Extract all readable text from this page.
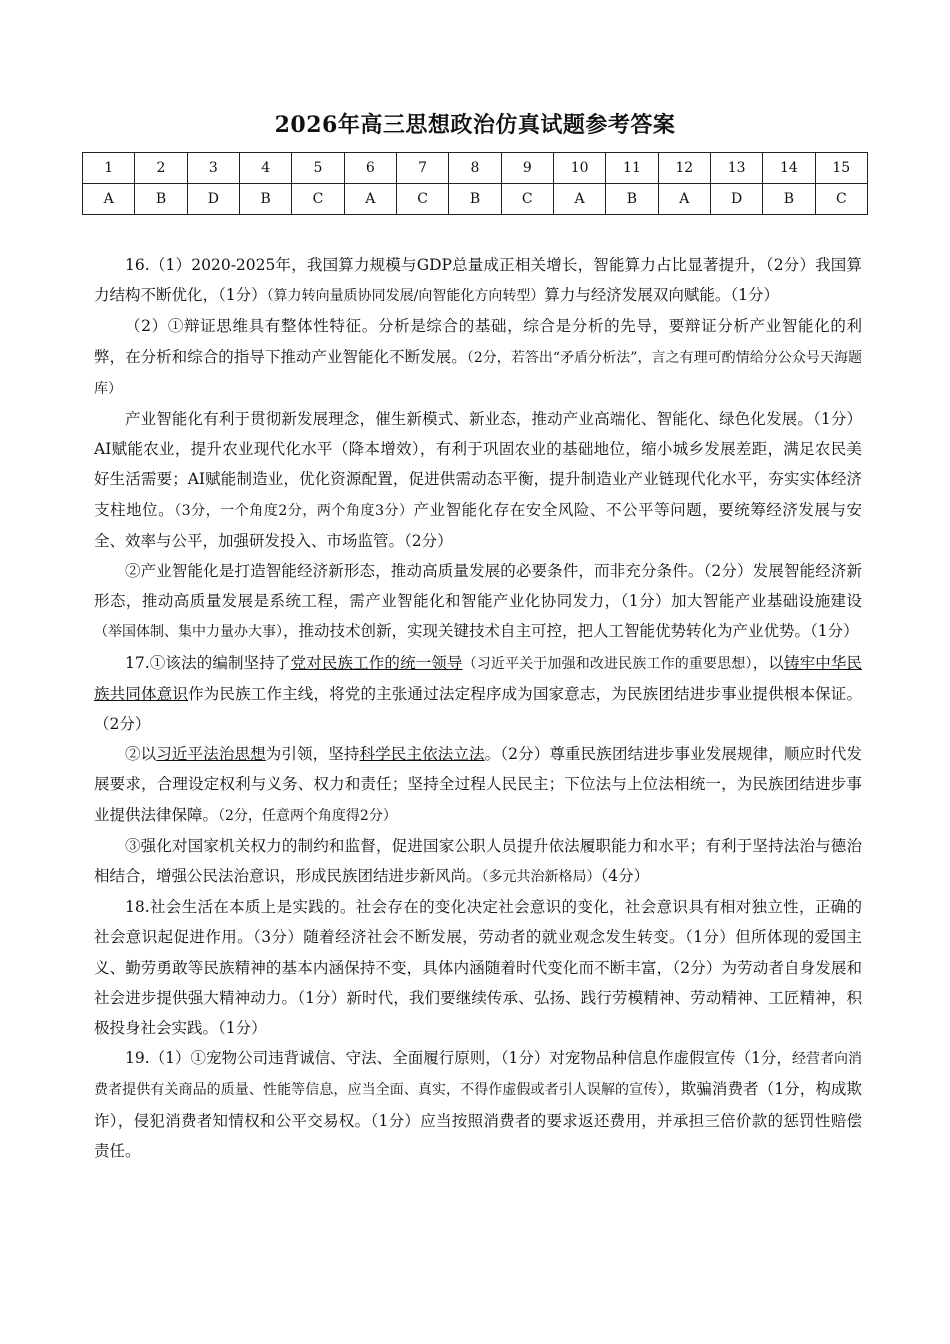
2026年高三思想政治仿真试题参考答案
1	2	3	4	5	6	7	8	9	10	11	12	13	14	15
A	B	D	B	C	A	C	B	C	A	B	A	D	B	C

16.（1）2020-2025年，我国算力规模与GDP总量成正相关增长，智能算力占比显著提升，（2分）我国算力结构不断优化，（1分）（算力转向量质协同发展/向智能化方向转型）算力与经济发展双向赋能。（1分）

（2）①辩证思维具有整体性特征。分析是综合的基础，综合是分析的先导，要辩证分析产业智能化的利弊，在分析和综合的指导下推动产业智能化不断发展。（2分，若答出“矛盾分析法”，言之有理可酌情给分公众号天海题库）

产业智能化有利于贯彻新发展理念，催生新模式、新业态，推动产业高端化、智能化、绿色化发展。（1分）AI赋能农业，提升农业现代化水平（降本增效），有利于巩固农业的基础地位，缩小城乡发展差距，满足农民美好生活需要；AI赋能制造业，优化资源配置，促进供需动态平衡，提升制造业产业链现代化水平，夯实实体经济支柱地位。（3分，一个角度2分，两个角度3分）产业智能化存在安全风险、不公平等问题，要统筹经济发展与安全、效率与公平，加强研发投入、市场监管。（2分）

②产业智能化是打造智能经济新形态，推动高质量发展的必要条件，而非充分条件。（2分）发展智能经济新形态，推动高质量发展是系统工程，需产业智能化和智能产业化协同发力，（1分）加大智能产业基础设施建设（举国体制、集中力量办大事），推动技术创新，实现关键技术自主可控，把人工智能优势转化为产业优势。（1分）

17.①该法的编制坚持了党对民族工作的统一领导（习近平关于加强和改进民族工作的重要思想），以铸牢中华民族共同体意识作为民族工作主线，将党的主张通过法定程序成为国家意志，为民族团结进步事业提供根本保证。（2分）

②以习近平法治思想为引领，坚持科学民主依法立法。（2分）尊重民族团结进步事业发展规律，顺应时代发展要求，合理设定权利与义务、权力和责任；坚持全过程人民民主；下位法与上位法相统一，为民族团结进步事业提供法律保障。（2分，任意两个角度得2分）

③强化对国家机关权力的制约和监督，促进国家公职人员提升依法履职能力和水平；有利于坚持法治与德治相结合，增强公民法治意识，形成民族团结进步新风尚。（多元共治新格局）（4分）

18.社会生活在本质上是实践的。社会存在的变化决定社会意识的变化，社会意识具有相对独立性，正确的社会意识起促进作用。（3分）随着经济社会不断发展，劳动者的就业观念发生转变。（1分）但所体现的爱国主义、勤劳勇敢等民族精神的基本内涵保持不变，具体内涵随着时代变化而不断丰富，（2分）为劳动者自身发展和社会进步提供强大精神动力。（1分）新时代，我们要继续传承、弘扬、践行劳模精神、劳动精神、工匠精神，积极投身社会实践。（1分）

19.（1）①宠物公司违背诚信、守法、全面履行原则，（1分）对宠物品种信息作虚假宣传（1分，经营者向消费者提供有关商品的质量、性能等信息，应当全面、真实，不得作虚假或者引人误解的宣传），欺骗消费者（1分，构成欺诈），侵犯消费者知情权和公平交易权。（1分）应当按照消费者的要求返还费用，并承担三倍价款的惩罚性赔偿责任。
